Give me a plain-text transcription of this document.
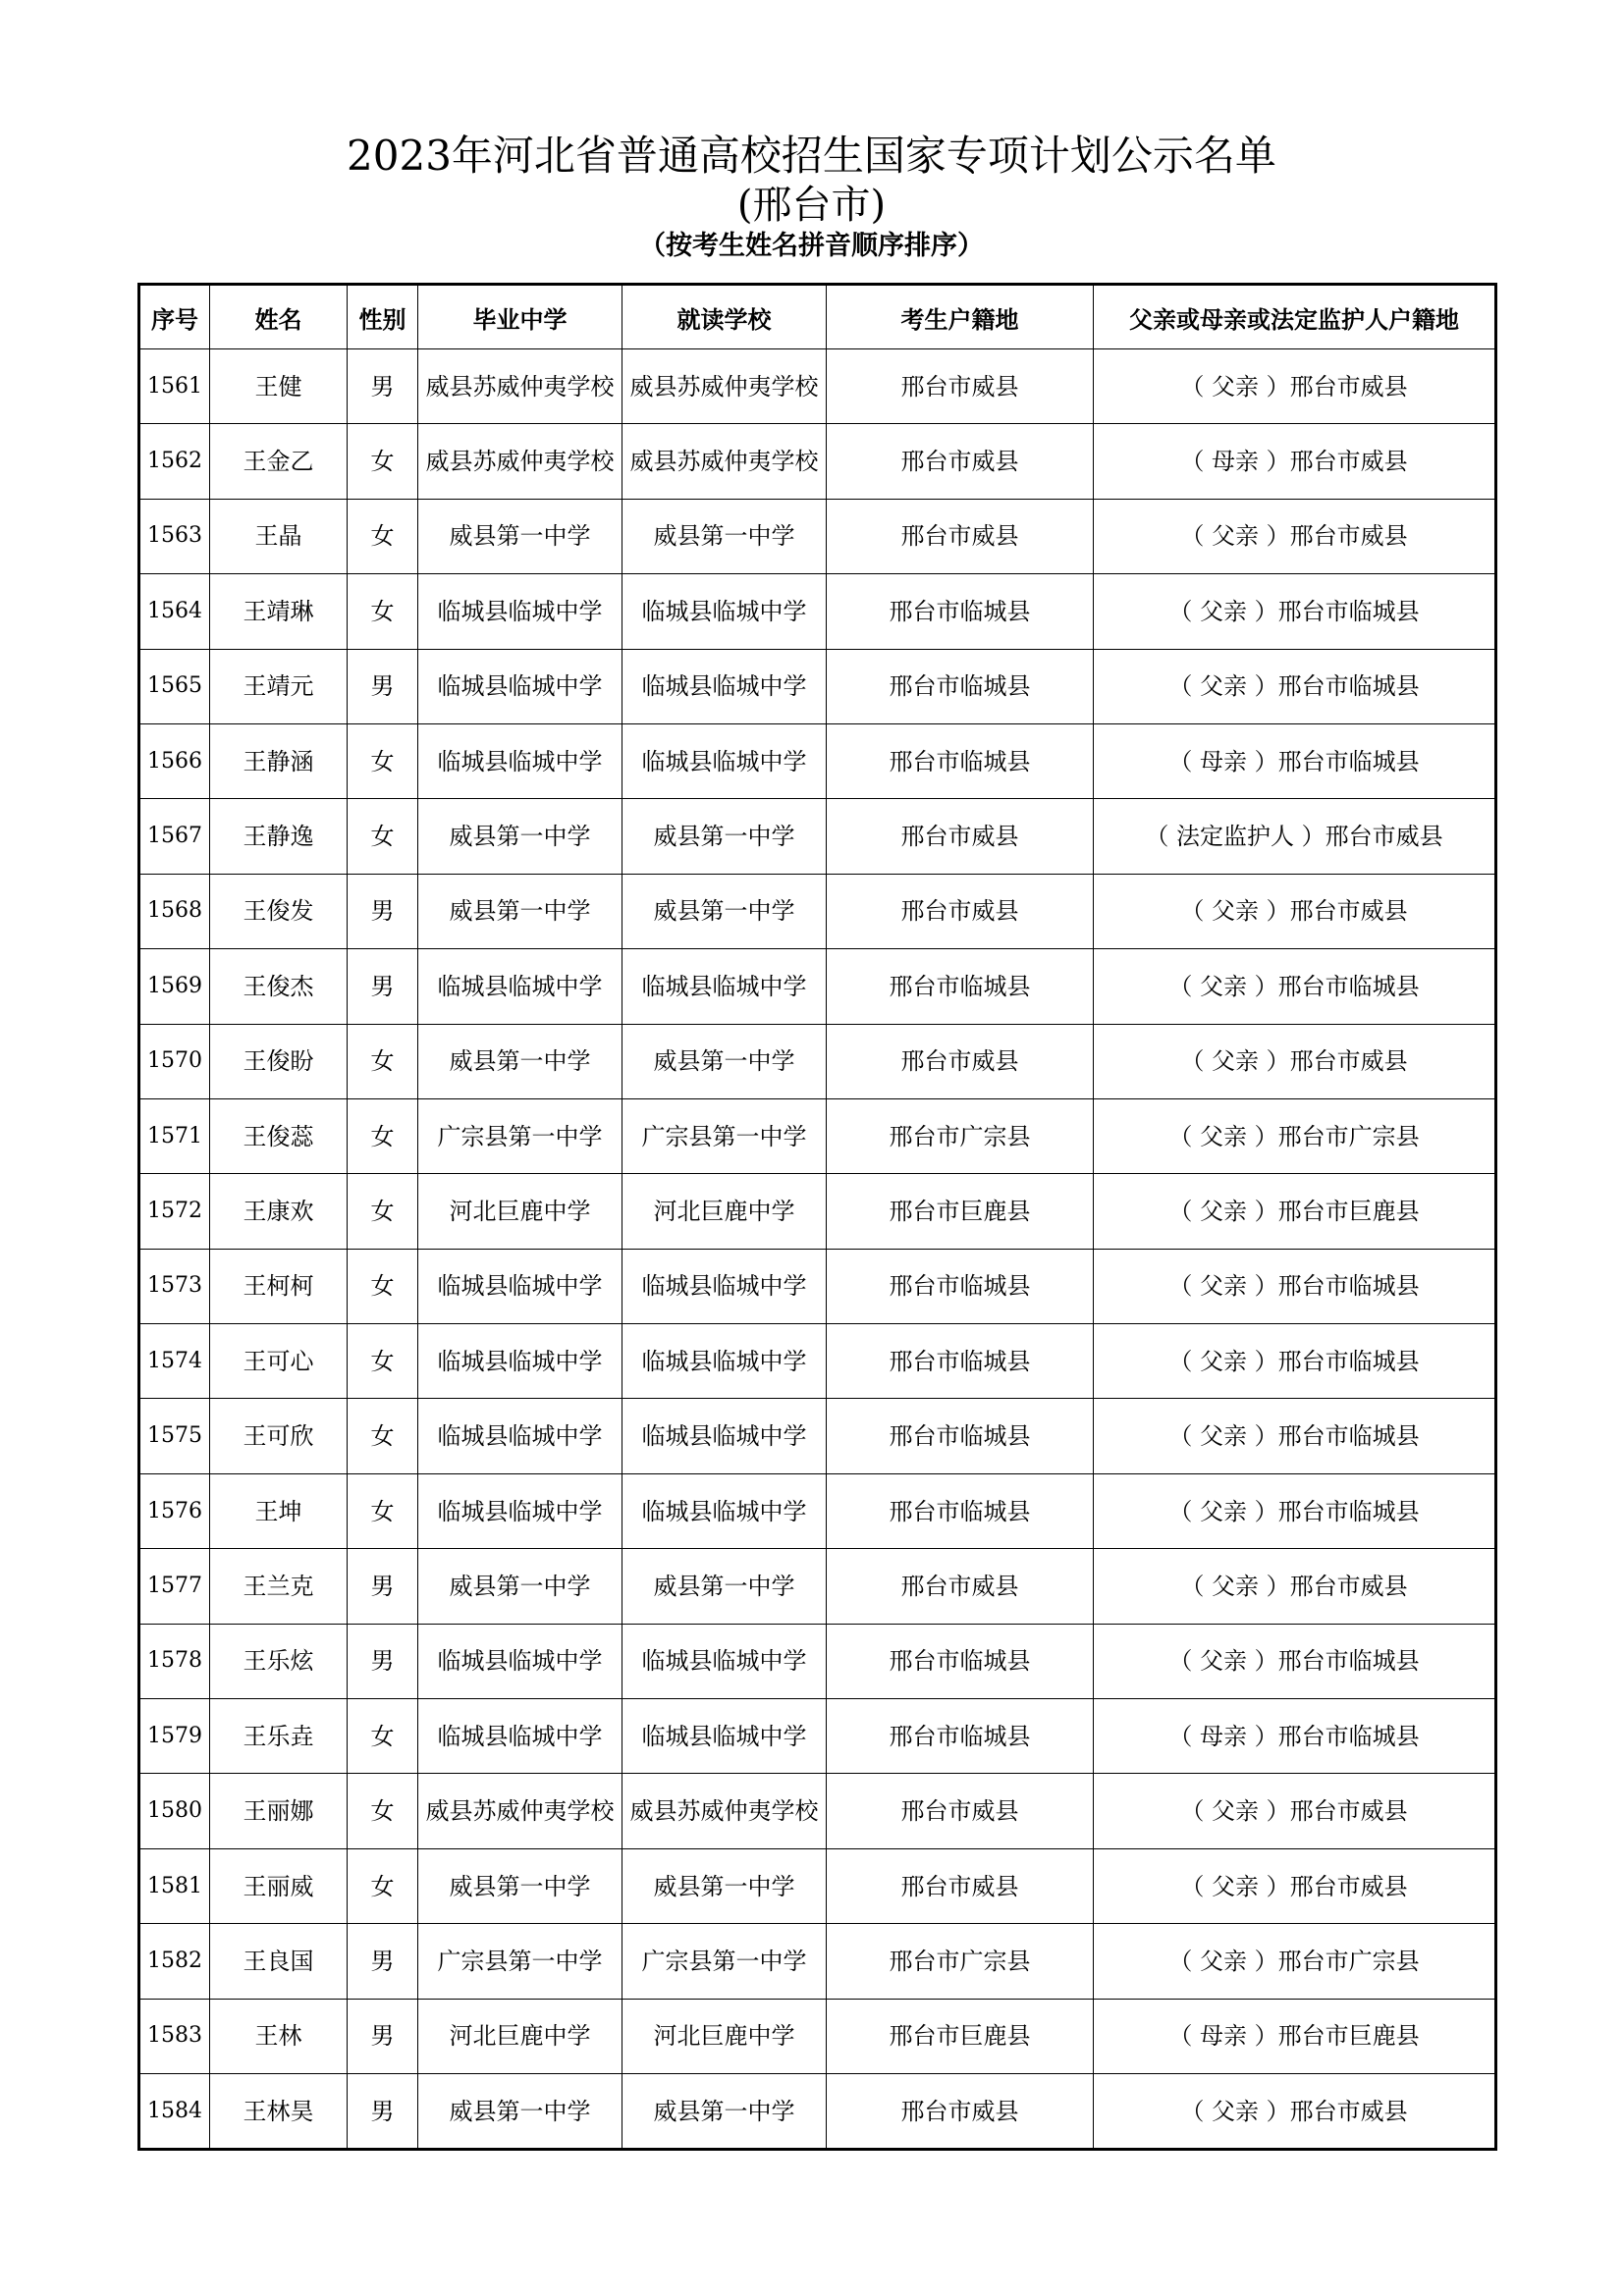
2023年河北省普通高校招生国家专项计划公示名单
(邢台市)
（按考生姓名拼音顺序排序）
序号	姓名	性别	毕业中学	就读学校	考生户籍地	父亲或母亲或法定监护人户籍地
1561	王健	男	威县苏威仲夷学校	威县苏威仲夷学校	邢台市威县	（ 父亲 ）邢台市威县
1562	王金乙	女	威县苏威仲夷学校	威县苏威仲夷学校	邢台市威县	（ 母亲 ）邢台市威县
1563	王晶	女	威县第一中学	威县第一中学	邢台市威县	（ 父亲 ）邢台市威县
1564	王靖琳	女	临城县临城中学	临城县临城中学	邢台市临城县	（ 父亲 ）邢台市临城县
1565	王靖元	男	临城县临城中学	临城县临城中学	邢台市临城县	（ 父亲 ）邢台市临城县
1566	王静涵	女	临城县临城中学	临城县临城中学	邢台市临城县	（ 母亲 ）邢台市临城县
1567	王静逸	女	威县第一中学	威县第一中学	邢台市威县	（ 法定监护人 ）邢台市威县
1568	王俊发	男	威县第一中学	威县第一中学	邢台市威县	（ 父亲 ）邢台市威县
1569	王俊杰	男	临城县临城中学	临城县临城中学	邢台市临城县	（ 父亲 ）邢台市临城县
1570	王俊盼	女	威县第一中学	威县第一中学	邢台市威县	（ 父亲 ）邢台市威县
1571	王俊蕊	女	广宗县第一中学	广宗县第一中学	邢台市广宗县	（ 父亲 ）邢台市广宗县
1572	王康欢	女	河北巨鹿中学	河北巨鹿中学	邢台市巨鹿县	（ 父亲 ）邢台市巨鹿县
1573	王柯柯	女	临城县临城中学	临城县临城中学	邢台市临城县	（ 父亲 ）邢台市临城县
1574	王可心	女	临城县临城中学	临城县临城中学	邢台市临城县	（ 父亲 ）邢台市临城县
1575	王可欣	女	临城县临城中学	临城县临城中学	邢台市临城县	（ 父亲 ）邢台市临城县
1576	王坤	女	临城县临城中学	临城县临城中学	邢台市临城县	（ 父亲 ）邢台市临城县
1577	王兰克	男	威县第一中学	威县第一中学	邢台市威县	（ 父亲 ）邢台市威县
1578	王乐炫	男	临城县临城中学	临城县临城中学	邢台市临城县	（ 父亲 ）邢台市临城县
1579	王乐垚	女	临城县临城中学	临城县临城中学	邢台市临城县	（ 母亲 ）邢台市临城县
1580	王丽娜	女	威县苏威仲夷学校	威县苏威仲夷学校	邢台市威县	（ 父亲 ）邢台市威县
1581	王丽威	女	威县第一中学	威县第一中学	邢台市威县	（ 父亲 ）邢台市威县
1582	王良国	男	广宗县第一中学	广宗县第一中学	邢台市广宗县	（ 父亲 ）邢台市广宗县
1583	王林	男	河北巨鹿中学	河北巨鹿中学	邢台市巨鹿县	（ 母亲 ）邢台市巨鹿县
1584	王林昊	男	威县第一中学	威县第一中学	邢台市威县	（ 父亲 ）邢台市威县
